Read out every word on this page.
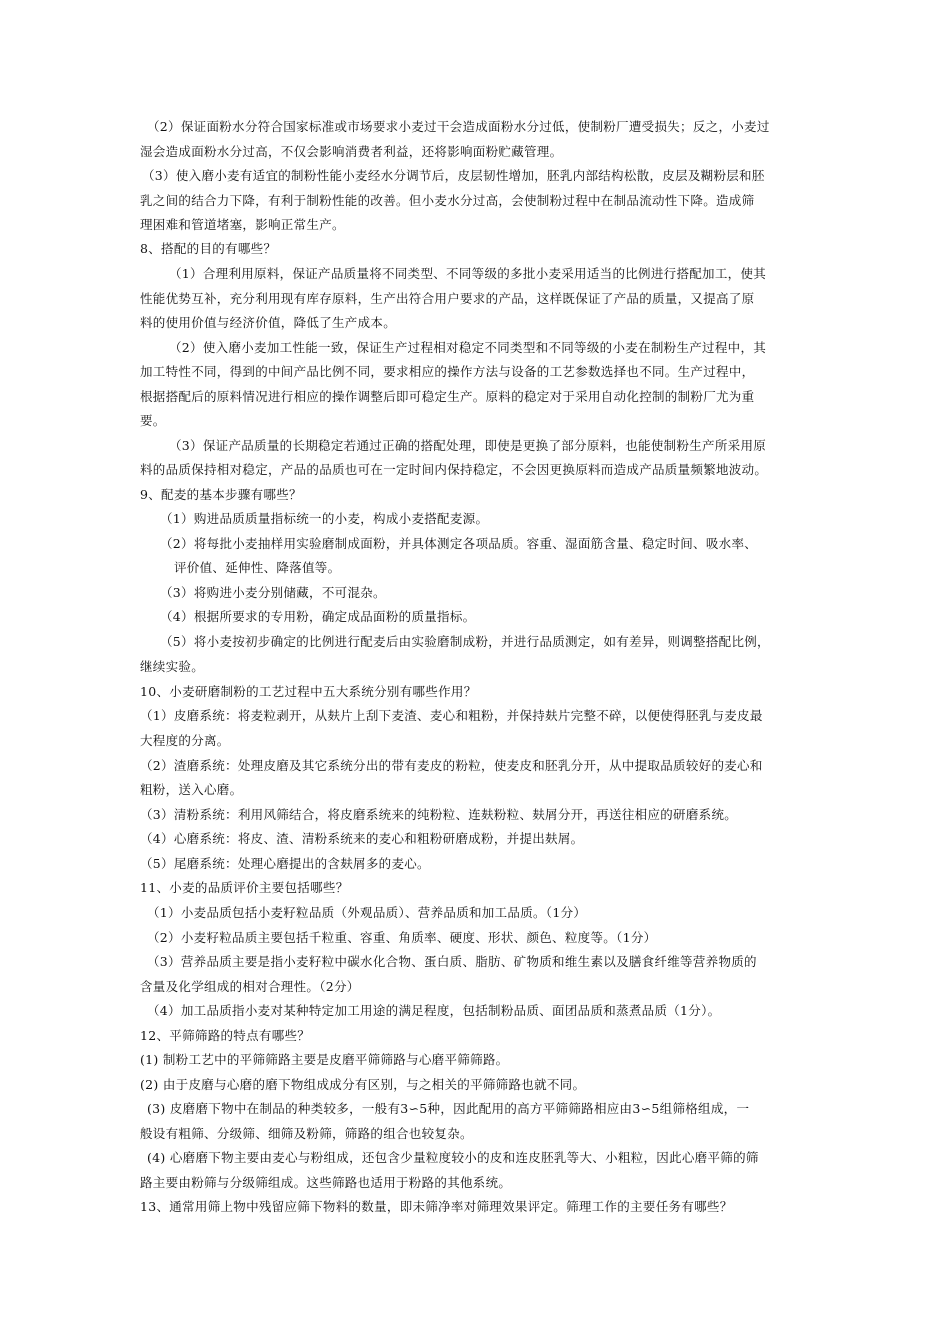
（2）保证面粉水分符合国家标准或市场要求小麦过干会造成面粉水分过低，使制粉厂遭受损失；反之，小麦过
湿会造成面粉水分过高，不仅会影响消费者利益，还将影响面粉贮藏管理。
（3）使入磨小麦有适宜的制粉性能小麦经水分调节后，皮层韧性增加，胚乳内部结构松散，皮层及糊粉层和胚
乳之间的结合力下降，有利于制粉性能的改善。但小麦水分过高，会使制粉过程中在制品流动性下降。造成筛
理困难和管道堵塞，影响正常生产。
8、搭配的目的有哪些？
（1）合理利用原料，保证产品质量将不同类型、不同等级的多批小麦采用适当的比例进行搭配加工，使其
性能优势互补，充分利用现有库存原料，生产出符合用户要求的产品，这样既保证了产品的质量，又提高了原
料的使用价值与经济价值，降低了生产成本。
（2）使入磨小麦加工性能一致，保证生产过程相对稳定不同类型和不同等级的小麦在制粉生产过程中，其
加工特性不同，得到的中间产品比例不同，要求相应的操作方法与设备的工艺参数选择也不同。生产过程中，
根据搭配后的原料情况进行相应的操作调整后即可稳定生产。原料的稳定对于采用自动化控制的制粉厂尤为重
要。
（3）保证产品质量的长期稳定若通过正确的搭配处理，即使是更换了部分原料，也能使制粉生产所采用原
料的品质保持相对稳定，产品的品质也可在一定时间内保持稳定，不会因更换原料而造成产品质量频繁地波动。
9、配麦的基本步骤有哪些？
（1）购进品质质量指标统一的小麦，构成小麦搭配麦源。
（2）将每批小麦抽样用实验磨制成面粉，并具体测定各项品质。容重、湿面筋含量、稳定时间、吸水率、
评价值、延伸性、降落值等。
（3）将购进小麦分别储藏，不可混杂。
（4）根据所要求的专用粉，确定成品面粉的质量指标。
（5）将小麦按初步确定的比例进行配麦后由实验磨制成粉，并进行品质测定，如有差异，则调整搭配比例，
继续实验。
10、小麦研磨制粉的工艺过程中五大系统分别有哪些作用？
（1）皮磨系统：将麦粒剥开，从麸片上刮下麦渣、麦心和粗粉，并保持麸片完整不碎，以便使得胚乳与麦皮最
大程度的分离。
（2）渣磨系统：处理皮磨及其它系统分出的带有麦皮的粉粒，使麦皮和胚乳分开，从中提取品质较好的麦心和
粗粉，送入心磨。
（3）清粉系统：利用风筛结合，将皮磨系统来的纯粉粒、连麸粉粒、麸屑分开，再送往相应的研磨系统。
（4）心磨系统：将皮、渣、清粉系统来的麦心和粗粉研磨成粉，并提出麸屑。
（5）尾磨系统：处理心磨提出的含麸屑多的麦心。
11、小麦的品质评价主要包括哪些？
（1）小麦品质包括小麦籽粒品质（外观品质）、营养品质和加工品质。（1分）
（2）小麦籽粒品质主要包括千粒重、容重、角质率、硬度、形状、颜色、粒度等。（1分）
（3）营养品质主要是指小麦籽粒中碳水化合物、蛋白质、脂肪、矿物质和维生素以及膳食纤维等营养物质的
含量及化学组成的相对合理性。（2分）
（4）加工品质指小麦对某种特定加工用途的满足程度，包括制粉品质、面团品质和蒸煮品质（1分）。
12、平筛筛路的特点有哪些？
(1) 制粉工艺中的平筛筛路主要是皮磨平筛筛路与心磨平筛筛路。
(2) 由于皮磨与心磨的磨下物组成成分有区别，与之相关的平筛筛路也就不同。
(3) 皮磨磨下物中在制品的种类较多，一般有3∽5种，因此配用的高方平筛筛路相应由3∽5组筛格组成，一
般设有粗筛、分级筛、细筛及粉筛，筛路的组合也较复杂。
(4) 心磨磨下物主要由麦心与粉组成，还包含少量粒度较小的皮和连皮胚乳等大、小粗粒，因此心磨平筛的筛
路主要由粉筛与分级筛组成。这些筛路也适用于粉路的其他系统。
13、通常用筛上物中残留应筛下物料的数量，即未筛净率对筛理效果评定。筛理工作的主要任务有哪些？
